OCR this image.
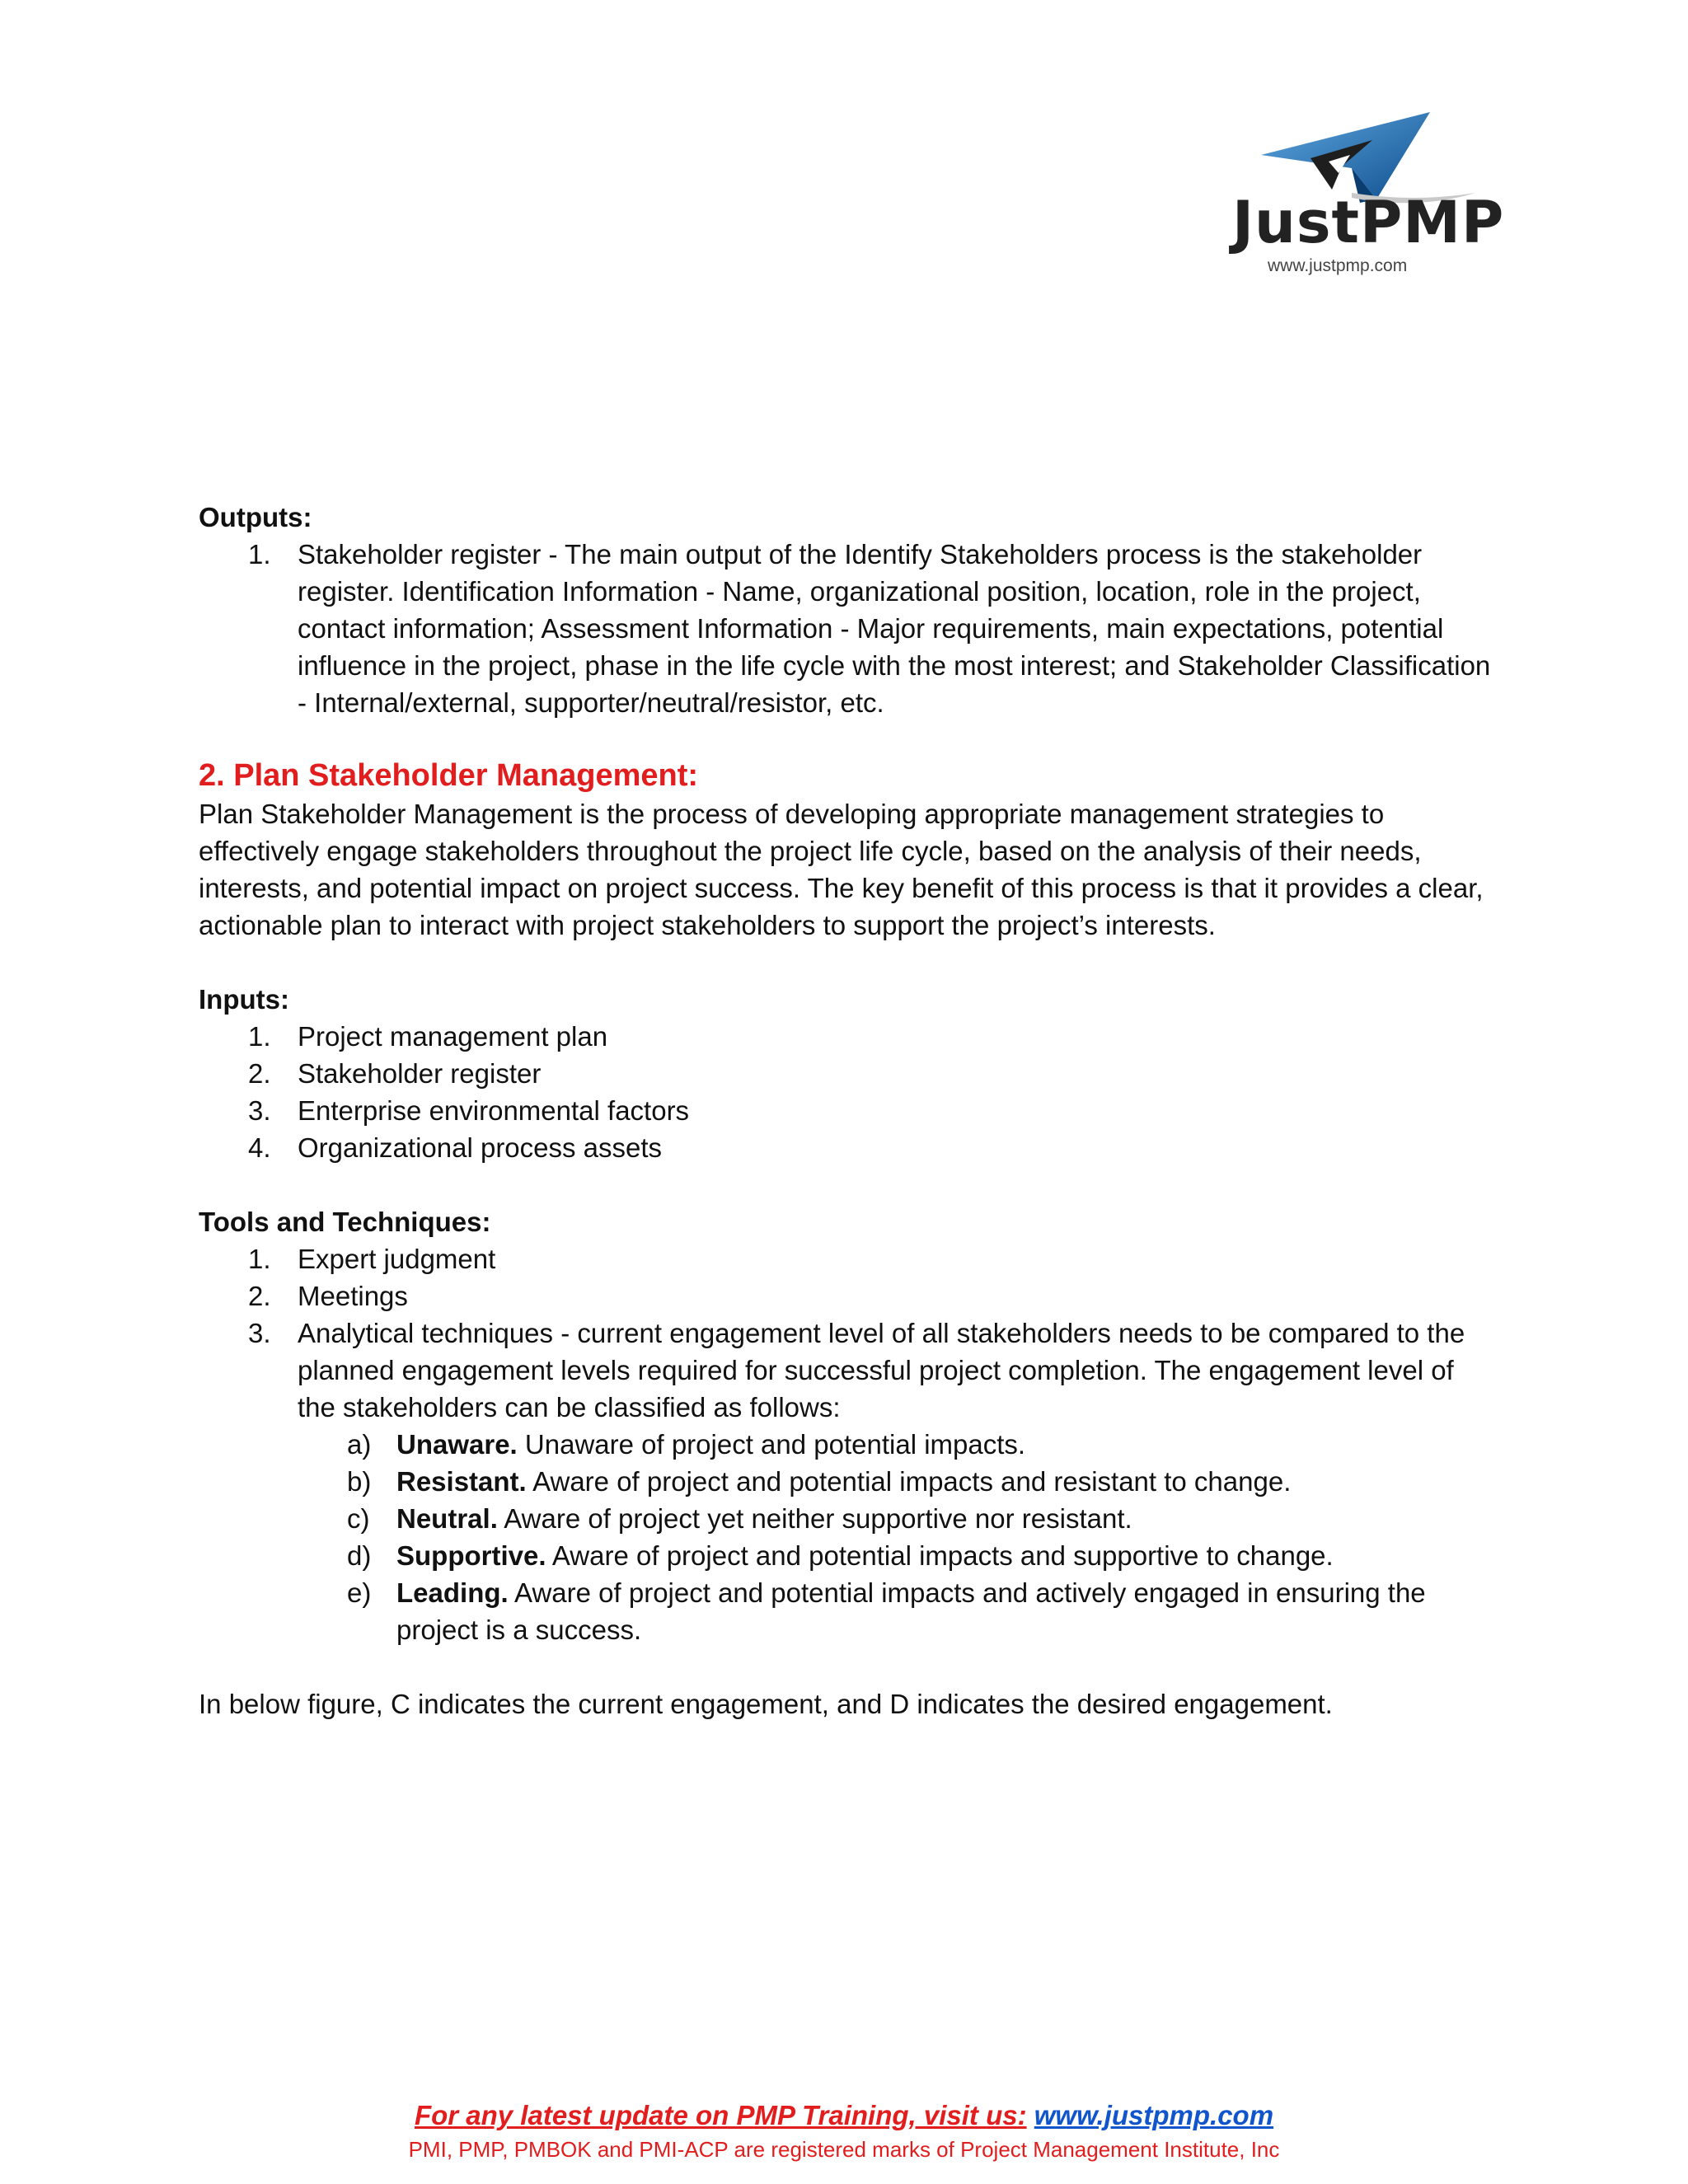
JustPMP
www.justpmp.com

Outputs:

1. Stakeholder register - The main output of the Identify Stakeholders process is the stakeholder register. Identification Information - Name, organizational position, location, role in the project, contact information; Assessment Information - Major requirements, main expectations, potential influence in the project, phase in the life cycle with the most interest; and Stakeholder Classification - Internal/external, supporter/neutral/resistor, etc.

2. Plan Stakeholder Management:

Plan Stakeholder Management is the process of developing appropriate management strategies to effectively engage stakeholders throughout the project life cycle, based on the analysis of their needs, interests, and potential impact on project success. The key benefit of this process is that it provides a clear, actionable plan to interact with project stakeholders to support the project’s interests.

Inputs:

1. Project management plan
2. Stakeholder register
3. Enterprise environmental factors
4. Organizational process assets

Tools and Techniques:

1. Expert judgment
2. Meetings
3. Analytical techniques - current engagement level of all stakeholders needs to be compared to the planned engagement levels required for successful project completion. The engagement level of the stakeholders can be classified as follows:
a) Unaware. Unaware of project and potential impacts.
b) Resistant. Aware of project and potential impacts and resistant to change.
c) Neutral. Aware of project yet neither supportive nor resistant.
d) Supportive. Aware of project and potential impacts and supportive to change.
e) Leading. Aware of project and potential impacts and actively engaged in ensuring the project is a success.

In below figure, C indicates the current engagement, and D indicates the desired engagement.

For any latest update on PMP Training, visit us: www.justpmp.com
PMI, PMP, PMBOK and PMI-ACP are registered marks of Project Management Institute, Inc
